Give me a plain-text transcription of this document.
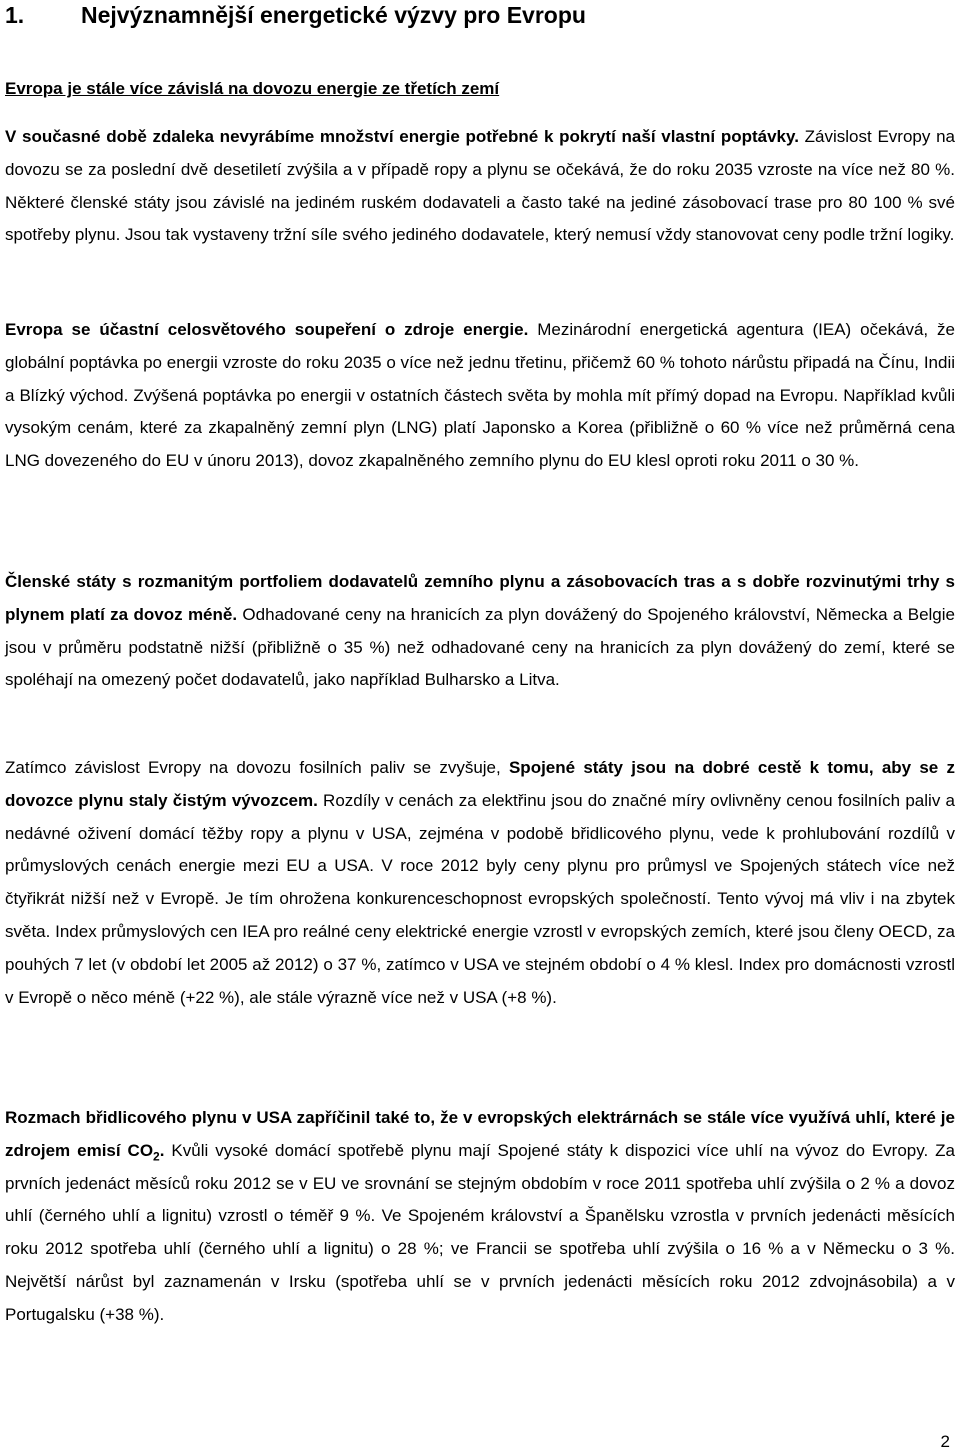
1. Nejvýznamnější energetické výzvy pro Evropu
Evropa je stále více závislá na dovozu energie ze třetích zemí
V současné době zdaleka nevyrábíme množství energie potřebné k pokrytí naší vlastní poptávky. Závislost Evropy na dovozu se za poslední dvě desetiletí zvýšila a v případě ropy a plynu se očekává, že do roku 2035 vzroste na více než 80 %. Některé členské státy jsou závislé na jediném ruském dodavateli a často také na jediné zásobovací trase pro 80 100 % své spotřeby plynu. Jsou tak vystaveny tržní síle svého jediného dodavatele, který nemusí vždy stanovovat ceny podle tržní logiky.
Evropa se účastní celosvětového soupeření o zdroje energie. Mezinárodní energetická agentura (IEA) očekává, že globální poptávka po energii vzroste do roku 2035 o více než jednu třetinu, přičemž 60 % tohoto nárůstu připadá na Čínu, Indii a Blízký východ. Zvýšená poptávka po energii v ostatních částech světa by mohla mít přímý dopad na Evropu. Například kvůli vysokým cenám, které za zkapalněný zemní plyn (LNG) platí Japonsko a Korea (přibližně o 60 % více než průměrná cena LNG dovezeného do EU v únoru 2013), dovoz zkapalněného zemního plynu do EU klesl oproti roku 2011 o 30 %.
Členské státy s rozmanitým portfoliem dodavatelů zemního plynu a zásobovacích tras a s dobře rozvinutými trhy s plynem platí za dovoz méně. Odhadované ceny na hranicích za plyn dovážený do Spojeného království, Německa a Belgie jsou v průměru podstatně nižší (přibližně o 35 %) než odhadované ceny na hranicích za plyn dovážený do zemí, které se spoléhají na omezený počet dodavatelů, jako například Bulharsko a Litva.
Zatímco závislost Evropy na dovozu fosilních paliv se zvyšuje, Spojené státy jsou na dobré cestě k tomu, aby se z dovozce plynu staly čistým vývozcem. Rozdíly v cenách za elektřinu jsou do značné míry ovlivněny cenou fosilních paliv a nedávné oživení domácí těžby ropy a plynu v USA, zejména v podobě břidlicového plynu, vede k prohlubování rozdílů v průmyslových cenách energie mezi EU a USA. V roce 2012 byly ceny plynu pro průmysl ve Spojených státech více než čtyřikrát nižší než v Evropě. Je tím ohrožena konkurenceschopnost evropských společností. Tento vývoj má vliv i na zbytek světa. Index průmyslových cen IEA pro reálné ceny elektrické energie vzrostl v evropských zemích, které jsou členy OECD, za pouhých 7 let (v období let 2005 až 2012) o 37 %, zatímco v USA ve stejném období o 4 % klesl. Index pro domácnosti vzrostl v Evropě o něco méně (+22 %), ale stále výrazně více než v USA (+8 %).
Rozmach břidlicového plynu v USA zapříčinil také to, že v evropských elektrárnách se stále více využívá uhlí, které je zdrojem emisí $CO_2$. Kvůli vysoké domácí spotřebě plynu mají Spojené státy k dispozici více uhlí na vývoz do Evropy. Za prvních jedenáct měsíců roku 2012 se v EU ve srovnání se stejným obdobím v roce 2011 spotřeba uhlí zvýšila o 2 % a dovoz uhlí (černého uhlí a lignitu) vzrostl o téměř 9 %. Ve Spojeném království a Španělsku vzrostla v prvních jedenácti měsících roku 2012 spotřeba uhlí (černého uhlí a lignitu) o 28 %; ve Francii se spotřeba uhlí zvýšila o 16 % a v Německu o 3 %. Největší nárůst byl zaznamenán v Irsku (spotřeba uhlí se v prvních jedenácti měsících roku 2012 zdvojnásobila) a v Portugalsku (+38 %).
2
